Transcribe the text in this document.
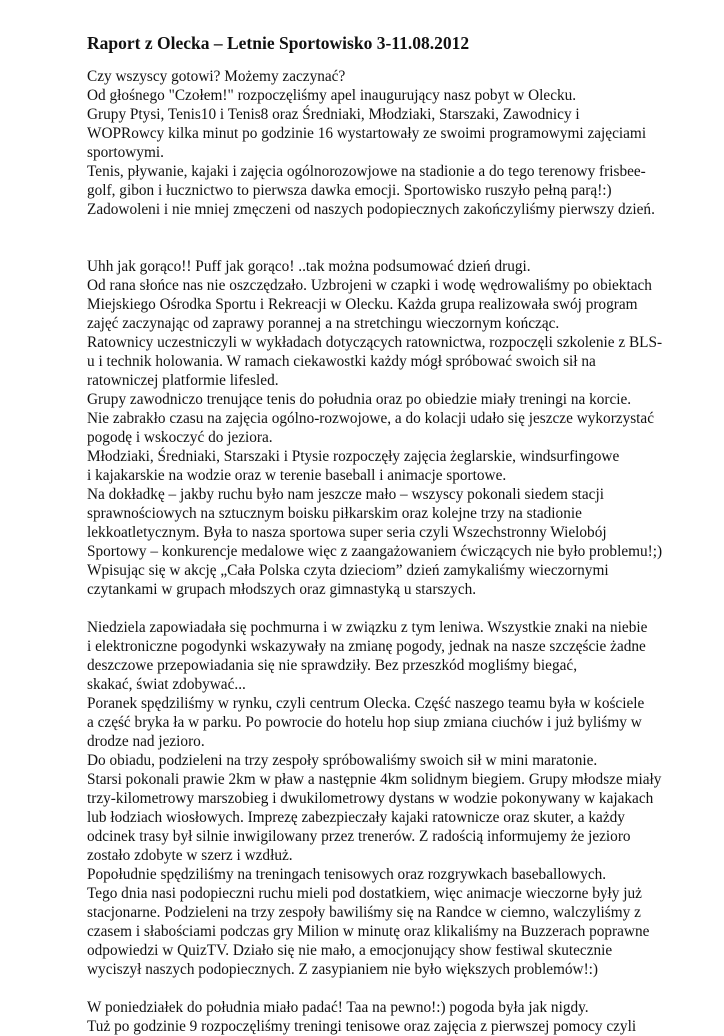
Raport z Olecka – Letnie Sportowisko 3-11.08.2012
Czy wszyscy gotowi? Możemy zaczynać?
Od głośnego "Czołem!" rozpoczęliśmy apel inaugurujący nasz pobyt w Olecku.
Grupy Ptysi, Tenis10 i Tenis8 oraz Średniaki, Młodziaki, Starszaki, Zawodnicy i
WOPRowcy kilka minut po godzinie 16 wystartowały ze swoimi programowymi zajęciami
sportowymi.
Tenis, pływanie, kajaki i zajęcia ogólnorozowjowe na stadionie a do tego terenowy frisbee-
golf, gibon i łucznictwo to pierwsza dawka emocji. Sportowisko ruszyło pełną parą!:)
Zadowoleni i nie mniej zmęczeni od naszych podopiecznych zakończyliśmy pierwszy dzień.
Uhh jak gorąco!! Puff jak gorąco! ..tak można podsumować dzień drugi.
Od rana słońce nas nie oszczędzało. Uzbrojeni w czapki i wodę wędrowaliśmy po obiektach
Miejskiego Ośrodka Sportu i Rekreacji w Olecku. Każda grupa realizowała swój program
zajęć zaczynając od zaprawy porannej a na stretchingu wieczornym kończąc.
Ratownicy uczestniczyli w wykładach dotyczących ratownictwa, rozpoczęli szkolenie z BLS-
u i technik holowania. W ramach ciekawostki każdy mógł spróbować swoich sił na
ratowniczej platformie lifesled.
Grupy zawodniczo trenujące tenis do południa oraz po obiedzie miały treningi na korcie.
Nie zabrakło czasu na zajęcia ogólno-rozwojowe, a do kolacji udało się jeszcze wykorzystać
pogodę i wskoczyć do jeziora.
Młodziaki, Średniaki, Starszaki i Ptysie rozpoczęły zajęcia żeglarskie, windsurfingowe
i kajakarskie na wodzie oraz w terenie baseball i animacje sportowe.
Na dokładkę – jakby ruchu było nam jeszcze mało – wszyscy pokonali siedem stacji
sprawnościowych na sztucznym boisku piłkarskim oraz kolejne trzy na stadionie
lekkoatletycznym. Była to nasza sportowa super seria czyli Wszechstronny Wielobój
Sportowy – konkurencje medalowe więc z zaangażowaniem ćwiczących nie było problemu!;)
Wpisując się w akcję „Cała Polska czyta dzieciom” dzień zamykaliśmy wieczornymi
czytankami w grupach młodszych oraz gimnastyką u starszych.
Niedziela zapowiadała się pochmurna i w związku z tym leniwa. Wszystkie znaki na niebie
i elektroniczne pogodynki wskazywały na zmianę pogody, jednak na nasze szczęście żadne
deszczowe przepowiadania się nie sprawdziły. Bez przeszkód mogliśmy biegać,
skakać, świat zdobywać...
Poranek spędziliśmy w rynku, czyli centrum Olecka. Część naszego teamu była w kościele
a część bryka ła w parku. Po powrocie do hotelu hop siup zmiana ciuchów i już byliśmy w
drodze nad jezioro.
Do obiadu, podzieleni na trzy zespoły spróbowaliśmy swoich sił w mini maratonie.
Starsi pokonali prawie 2km w pław a następnie 4km solidnym biegiem. Grupy młodsze miały
trzy-kilometrowy marszobieg i dwukilometrowy dystans w wodzie pokonywany w kajakach
lub łodziach wiosłowych. Imprezę zabezpieczały kajaki ratownicze oraz skuter, a każdy
odcinek trasy był silnie inwigilowany przez trenerów. Z radością informujemy że jezioro
zostało zdobyte w szerz i wzdłuż.
Popołudnie spędziliśmy na treningach tenisowych oraz rozgrywkach baseballowych.
Tego dnia nasi podopieczni ruchu mieli pod dostatkiem, więc animacje wieczorne były już
stacjonarne. Podzieleni na trzy zespoły bawiliśmy się na Randce w ciemno, walczyliśmy z
czasem i słabościami podczas gry Milion w minutę oraz klikaliśmy na Buzzerach poprawne
odpowiedzi w QuizTV. Działo się nie mało, a emocjonujący show festiwal skutecznie
wyciszył naszych podopiecznych. Z zasypianiem nie było większych problemów!:)
W poniedziałek do południa miało padać! Taa na pewno!:) pogoda była jak nigdy.
Tuż po godzinie 9 rozpoczęliśmy treningi tenisowe oraz zajęcia z pierwszej pomocy czyli
